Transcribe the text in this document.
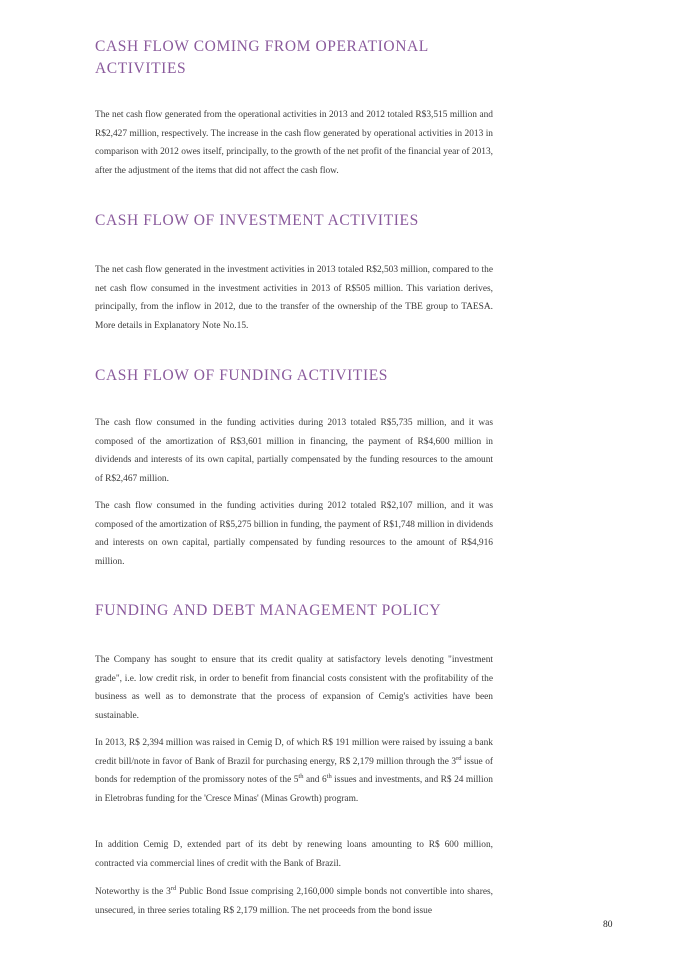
CASH FLOW COMING FROM OPERATIONAL ACTIVITIES

The net cash flow generated from the operational activities in 2013 and 2012 totaled R$3,515 million and R$2,427 million, respectively. The increase in the cash flow generated by operational activities in 2013 in comparison with 2012 owes itself, principally, to the growth of the net profit of the financial year of 2013, after the adjustment of the items that did not affect the cash flow.

CASH FLOW OF INVESTMENT ACTIVITIES

The net cash flow generated in the investment activities in 2013 totaled R$2,503 million, compared to the net cash flow consumed in the investment activities in 2013 of R$505 million. This variation derives, principally, from the inflow in 2012, due to the transfer of the ownership of the TBE group to TAESA. More details in Explanatory Note No.15.

CASH FLOW OF FUNDING ACTIVITIES

The cash flow consumed in the funding activities during 2013 totaled R$5,735 million, and it was composed of the amortization of R$3,601 million in financing, the payment of R$4,600 million in dividends and interests of its own capital, partially compensated by the funding resources to the amount of R$2,467 million.

The cash flow consumed in the funding activities during 2012 totaled R$2,107 million, and it was composed of the amortization of R$5,275 billion in funding, the payment of R$1,748 million in dividends and interests on own capital, partially compensated by funding resources to the amount of R$4,916 million.

FUNDING AND DEBT MANAGEMENT POLICY

The Company has sought to ensure that its credit quality at satisfactory levels denoting "investment grade", i.e. low credit risk, in order to benefit from financial costs consistent with the profitability of the business as well as to demonstrate that the process of expansion of Cemig's activities have been sustainable.

In 2013, R$ 2,394 million was raised in Cemig D, of which R$ 191 million were raised by issuing a bank credit bill/note in favor of Bank of Brazil for purchasing energy, R$ 2,179 million through the 3rd issue of bonds for redemption of the promissory notes of the 5th and 6th issues and investments, and R$ 24 million in Eletrobras funding for the 'Cresce Minas' (Minas Growth) program.

In addition Cemig D, extended part of its debt by renewing loans amounting to R$ 600 million, contracted via commercial lines of credit with the Bank of Brazil.

Noteworthy is the 3rd Public Bond Issue comprising 2,160,000 simple bonds not convertible into shares, unsecured, in three series totaling R$ 2,179 million. The net proceeds from the bond issue

80
